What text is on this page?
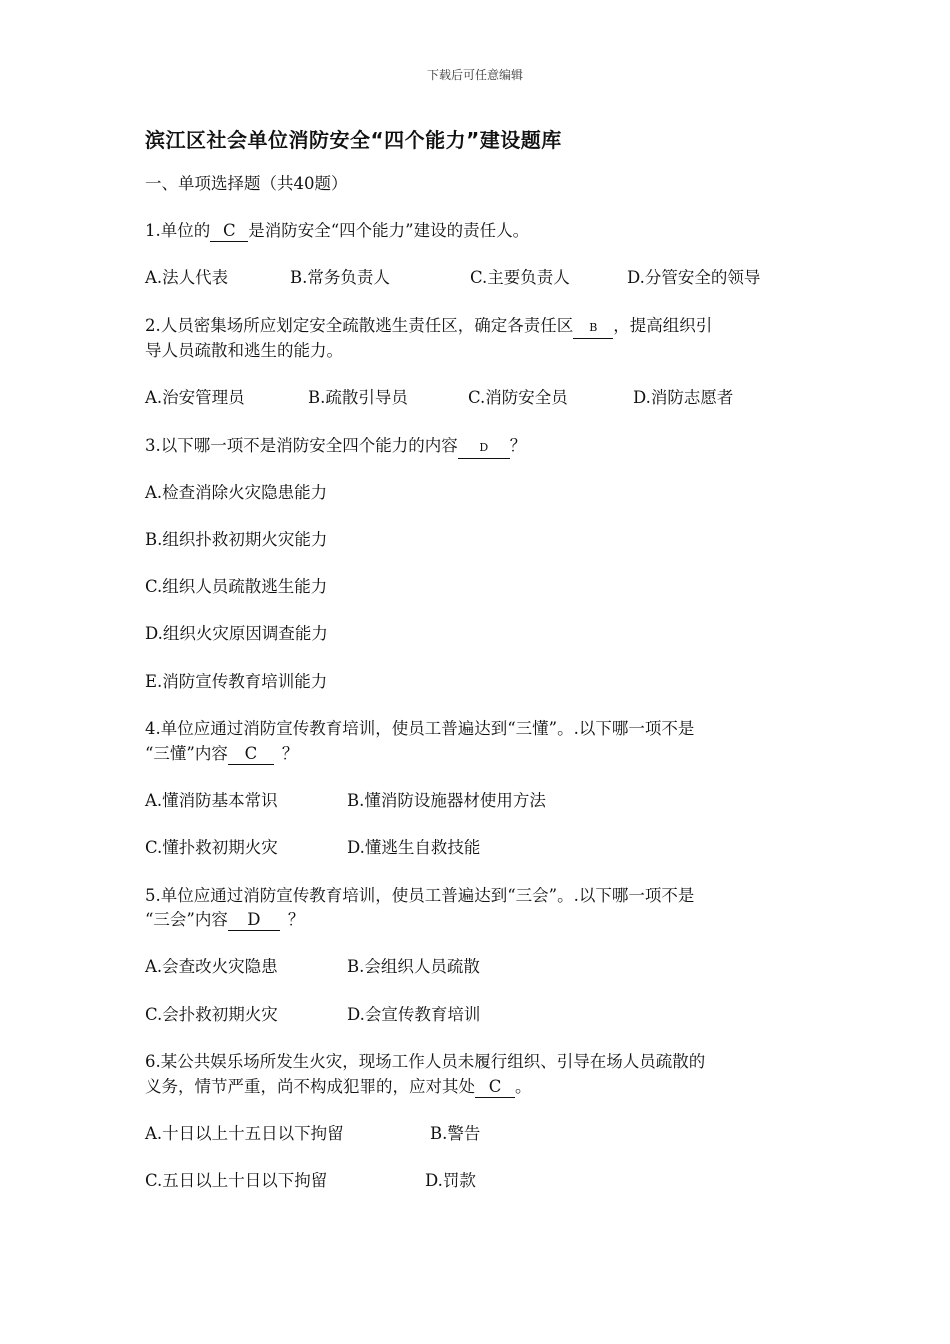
下载后可任意编辑
滨江区社会单位消防安全“四个能力”建设题库
一、单项选择题（共40题）
1.单位的 C 是消防安全“四个能力”建设的责任人。
A.法人代表	B.常务负责人	C.主要负责人	D.分管安全的领导
2.人员密集场所应划定安全疏散逃生责任区，确定各责任区 B ，提高组织引
导人员疏散和逃生的能力。
A.治安管理员	B.疏散引导员	C.消防安全员	D.消防志愿者
3.以下哪一项不是消防安全四个能力的内容 D ？
A.检查消除火灾隐患能力
B.组织扑救初期火灾能力
C.组织人员疏散逃生能力
D.组织火灾原因调查能力
E.消防宣传教育培训能力
4.单位应通过消防宣传教育培训，使员工普遍达到“三懂”。.以下哪一项不是
“三懂”内容 C ？
A.懂消防基本常识	B.懂消防设施器材使用方法
C.懂扑救初期火灾	D.懂逃生自救技能
5.单位应通过消防宣传教育培训，使员工普遍达到“三会”。.以下哪一项不是
“三会”内容 D ？
A.会查改火灾隐患	B.会组织人员疏散
C.会扑救初期火灾	D.会宣传教育培训
6.某公共娱乐场所发生火灾，现场工作人员未履行组织、引导在场人员疏散的
义务，情节严重，尚不构成犯罪的，应对其处 C 。
A.十日以上十五日以下拘留	B.警告
C.五日以上十日以下拘留	D.罚款
